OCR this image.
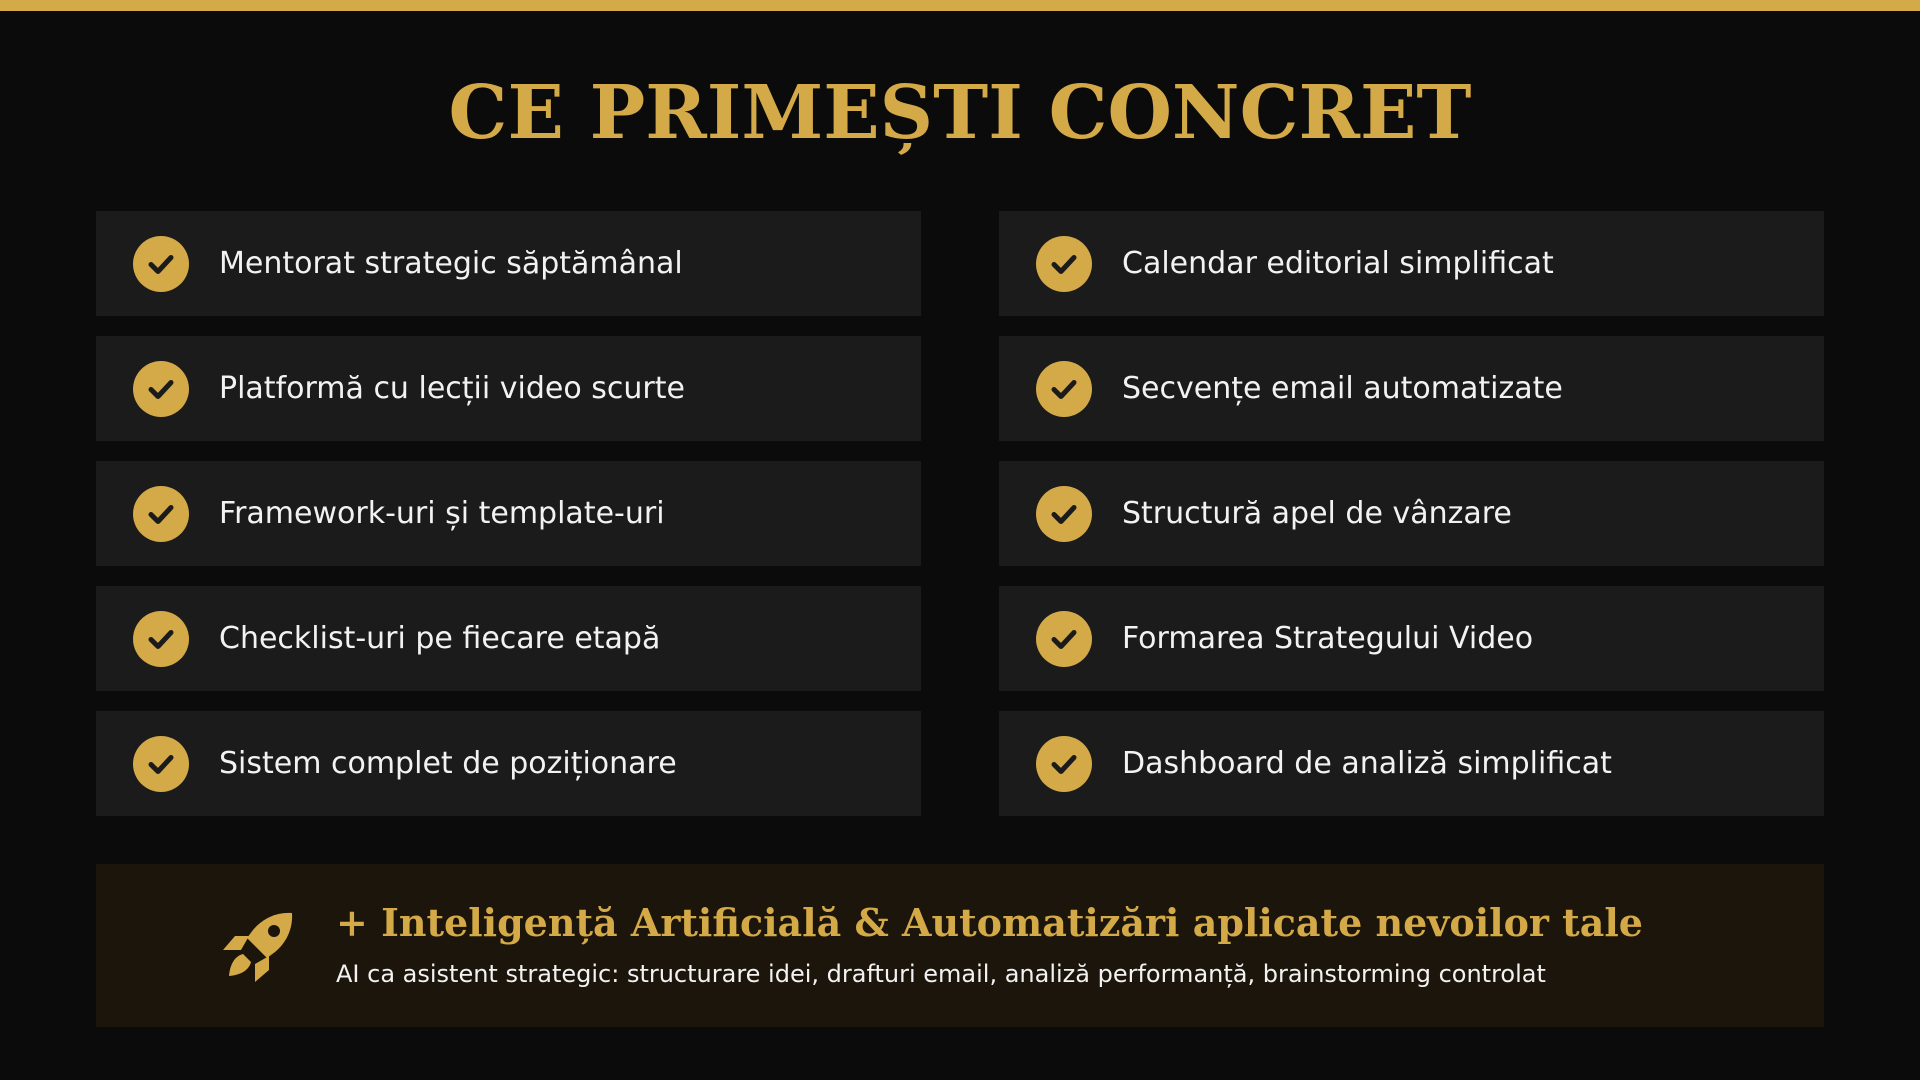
CE PRIMEȘTI CONCRET
Mentorat strategic săptămânal	Calendar editorial simplificat
Platformă cu lecții video scurte	Secvențe email automatizate
Framework-uri și template-uri	Structură apel de vânzare
Checklist-uri pe fiecare etapă	Formarea Strategului Video
Sistem complet de poziționare	Dashboard de analiză simplificat
+ Inteligență Artificială & Automatizări aplicate nevoilor tale
AI ca asistent strategic: structurare idei, drafturi email, analiză performanță, brainstorming controlat
